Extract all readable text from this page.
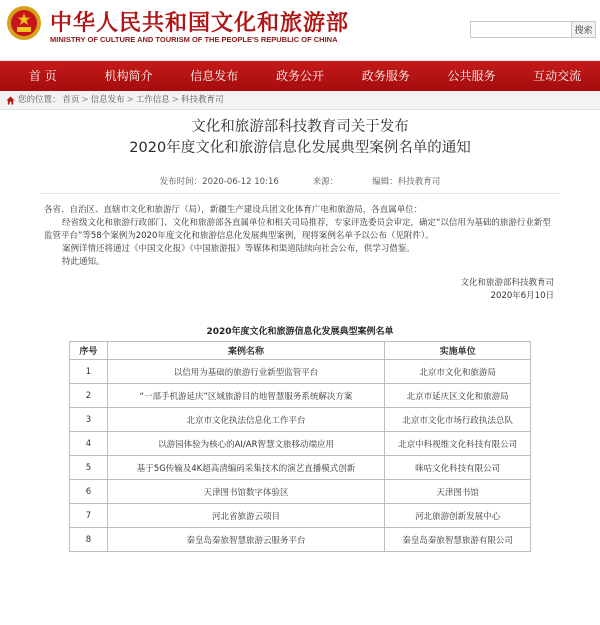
中华人民共和国文化和旅游部
MINISTRY OF CULTURE AND TOURISM OF THE PEOPLE'S REPUBLIC OF CHINA
搜索
首 页	机构简介	信息发布	政务公开	政务服务	公共服务	互动交流
您的位置： 首页 > 信息发布 > 工作信息 > 科技教育司
文化和旅游部科技教育司关于发布
2020年度文化和旅游信息化发展典型案例名单的通知
发布时间：2020-06-12 10:16	来源：	编辑：科技教育司

各省、自治区、直辖市文化和旅游厅（局），新疆生产建设兵团文化体育广电和旅游局，各直属单位：

经省级文化和旅游行政部门、文化和旅游部各直属单位和相关司局推荐，专家评选委员会审定，确定“以信用为基础的旅游行业新型监管平台”等58个案例为2020年度文化和旅游信息化发展典型案例，现将案例名单予以公布（见附件）。

案例详情还将通过《中国文化报》《中国旅游报》等媒体和渠道陆续向社会公布，供学习借鉴。

特此通知。

文化和旅游部科技教育司
2020年6月10日
2020年度文化和旅游信息化发展典型案例名单
序号	案例名称	实施单位
1	以信用为基础的旅游行业新型监管平台	北京市文化和旅游局
2	“一部手机游延庆”区域旅游目的地智慧服务系统解决方案	北京市延庆区文化和旅游局
3	北京市文化执法信息化工作平台	北京市文化市场行政执法总队
4	以游园体验为核心的AI/AR智慧文旅移动端应用	北京中科视维文化科技有限公司
5	基于5G传输及4K超高清编码采集技术的演艺直播模式创新	咪咕文化科技有限公司
6	天津图书馆数字体验区	天津图书馆
7	河北省旅游云项目	河北旅游创新发展中心
8	秦皇岛秦旅智慧旅游云服务平台	秦皇岛秦旅智慧旅游有限公司
